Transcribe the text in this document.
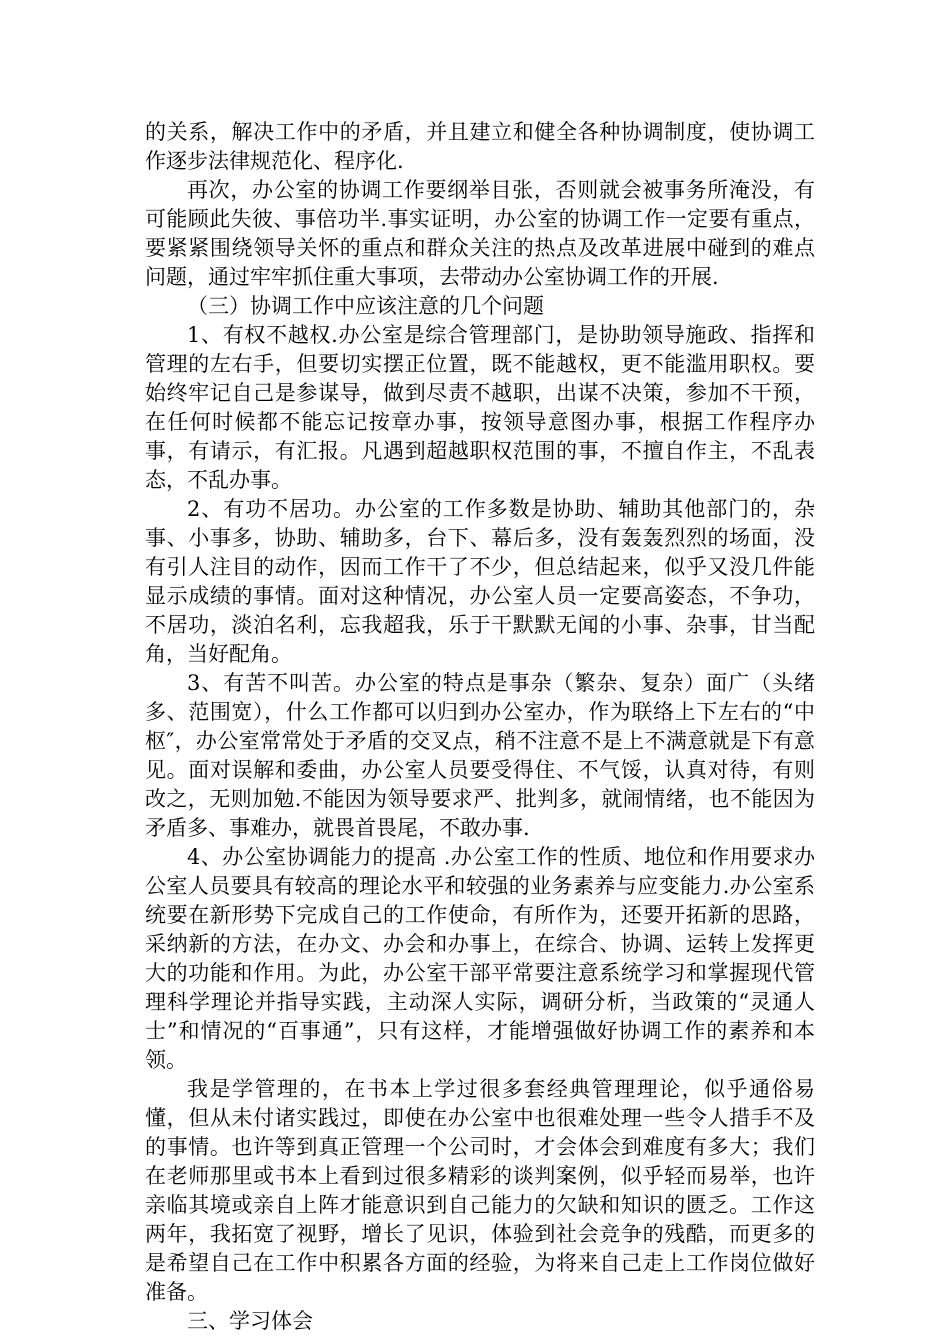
的关系，解决工作中的矛盾，并且建立和健全各种协调制度，使协调工作逐步法律规范化、程序化.

再次，办公室的协调工作要纲举目张，否则就会被事务所淹没，有可能顾此失彼、事倍功半.事实证明，办公室的协调工作一定要有重点，要紧紧围绕领导关怀的重点和群众关注的热点及改革进展中碰到的难点问题，通过牢牢抓住重大事项，去带动办公室协调工作的开展.

（三）协调工作中应该注意的几个问题

1、有权不越权.办公室是综合管理部门，是协助领导施政、指挥和管理的左右手，但要切实摆正位置，既不能越权，更不能滥用职权。要始终牢记自己是参谋导，做到尽责不越职，出谋不决策，参加不干预，在任何时候都不能忘记按章办事，按领导意图办事，根据工作程序办事，有请示，有汇报。凡遇到超越职权范围的事，不擅自作主，不乱表态，不乱办事。

2、有功不居功。办公室的工作多数是协助、辅助其他部门的，杂事、小事多，协助、辅助多，台下、幕后多，没有轰轰烈烈的场面，没有引人注目的动作，因而工作干了不少，但总结起来，似乎又没几件能显示成绩的事情。面对这种情况，办公室人员一定要高姿态，不争功，不居功，淡泊名利，忘我超我，乐于干默默无闻的小事、杂事，甘当配角，当好配角。

3、有苦不叫苦。办公室的特点是事杂（繁杂、复杂）面广（头绪多、范围宽），什么工作都可以归到办公室办，作为联络上下左右的“中枢″，办公室常常处于矛盾的交叉点，稍不注意不是上不满意就是下有意见。面对误解和委曲，办公室人员要受得住、不气馁，认真对待，有则改之，无则加勉.不能因为领导要求严、批判多，就闹情绪，也不能因为矛盾多、事难办，就畏首畏尾，不敢办事.

4、办公室协调能力的提高 .办公室工作的性质、地位和作用要求办公室人员要具有较高的理论水平和较强的业务素养与应变能力.办公室系统要在新形势下完成自己的工作使命，有所作为，还要开拓新的思路，采纳新的方法，在办文、办会和办事上，在综合、协调、运转上发挥更大的功能和作用。为此，办公室干部平常要注意系统学习和掌握现代管理科学理论并指导实践，主动深人实际，调研分析，当政策的“灵通人士”和情况的“百事通”，只有这样，才能增强做好协调工作的素养和本领。

我是学管理的，在书本上学过很多套经典管理理论，似乎通俗易懂，但从未付诸实践过，即使在办公室中也很难处理一些令人措手不及的事情。也许等到真正管理一个公司时，才会体会到难度有多大；我们在老师那里或书本上看到过很多精彩的谈判案例，似乎轻而易举，也许亲临其境或亲自上阵才能意识到自己能力的欠缺和知识的匮乏。工作这两年，我拓宽了视野，增长了见识，体验到社会竞争的残酷，而更多的是希望自己在工作中积累各方面的经验，为将来自己走上工作岗位做好准备。

三、学习体会
